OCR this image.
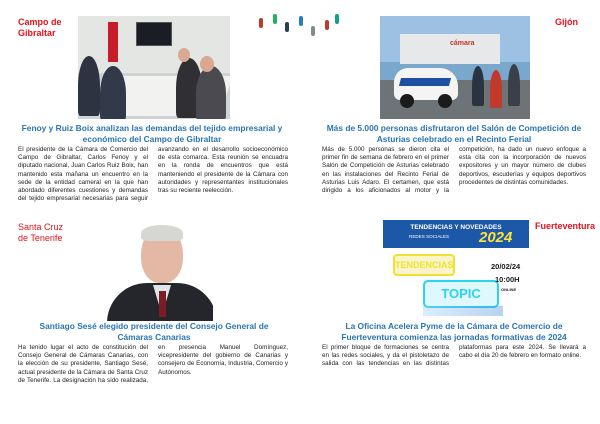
Campo de
Gibraltar
Fenoy y Ruiz Boix analizan las demandas del tejido empresarial y económico del Campo de Gibraltar
El presidente de la Cámara de Comercio del Campo de Gibraltar, Carlos Fenoy y el diputado nacional, Juan Carlos Ruiz Boix, han mantenido esta mañana un encuentro en la sede de la entidad cameral en la que han abordado diferentes cuestiones y demandas del tejido empresarial necesarias para seguir avanzando en el desarrollo socioeconómico de esta comarca. Esta reunión se encuadra en la ronda de encuentros que está manteniendo el presidente de la Cámara con autoridades y representantes institucionales tras su reciente reelección.
Gijón
cámara
Más de 5.000 personas disfrutaron del Salón de Competición de Asturias celebrado en el Recinto Ferial
Más de 5.000 personas se dieron cita el primer fin de semana de febrero en el primer Salón de Competición de Asturias celebrado en las instalaciones del Recinto Ferial de Asturias Luis Adaro. El certamen, que está dirigido a los aficionados al motor y la competición, ha dado un nuevo enfoque a esta cita con la incorporación de nuevos expositores y un mayor número de clubes deportivos, escuderías y equipos deportivos procedentes de distintas comunidades.
Santa Cruz
de Tenerife
Santiago Sesé elegido presidente del Consejo General de Cámaras Canarias
Ha tenido lugar el acto de constitución del Consejo General de Cámaras Canarias, con la elección de su presidente, Santiago Sesé, actual presidente de la Cámara de Santa Cruz de Tenerife. La designación ha sido realizada, en presencia Manuel Domínguez, vicepresidente del gobierno de Canarias y consejero de Economía, Industria, Comercio y Autónomos.
Fuerteventura
TENDENCIAS Y NOVEDADES
REDES SOCIALES 2024
TENDENCIAS
TOPIC
20/02/24
10:00H
ONLINE
La Oficina Acelera Pyme de la Cámara de Comercio de Fuerteventura comienza las jornadas formativas de 2024
El primer bloque de formaciones se centra en las redes sociales, y da el pistoletazo de salida con las tendencias en las distintas plataformas para este 2024. Se llevará a cabo el día 20 de febrero en formato online.
